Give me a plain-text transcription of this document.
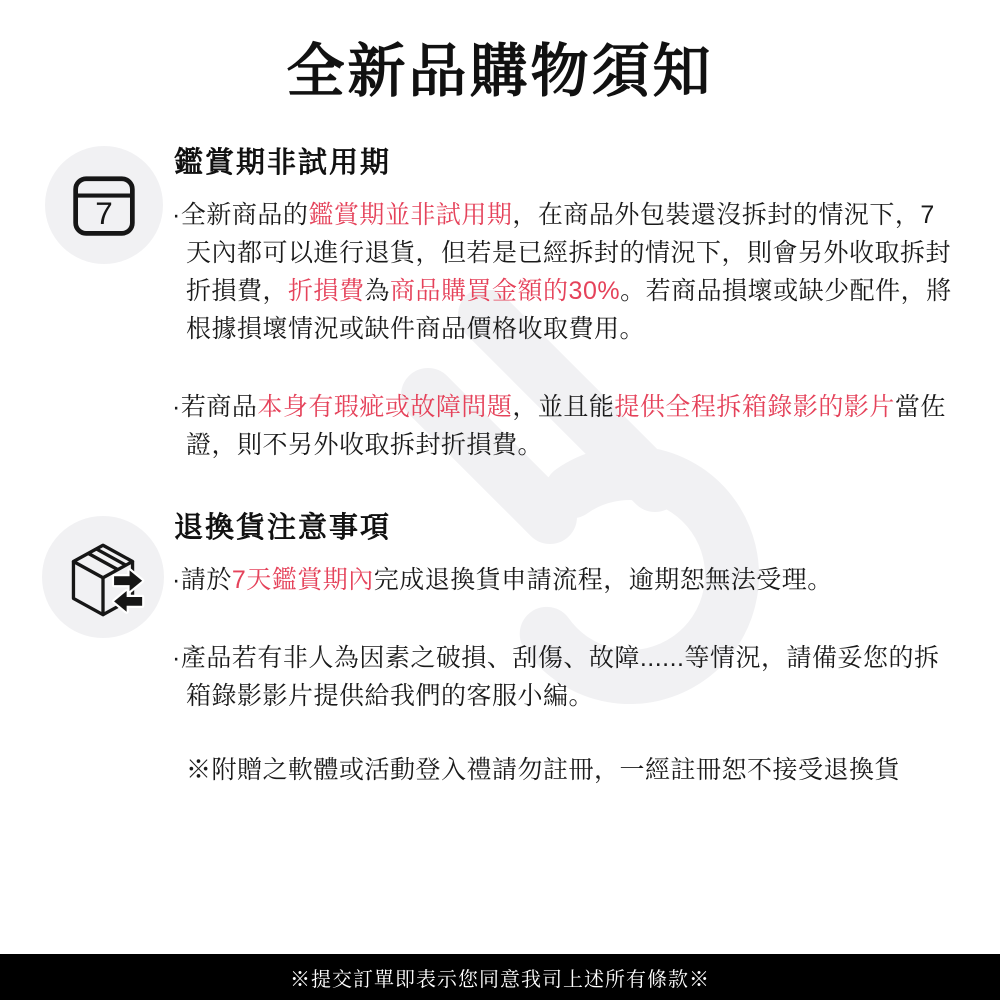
全新品購物須知
7
鑑賞期非試用期
·全新商品的鑑賞期並非試用期，在商品外包裝還沒拆封的情況下，7天內都可以進行退貨，但若是已經拆封的情況下，則會另外收取拆封折損費，折損費為商品購買金額的30%。若商品損壞或缺少配件，將根據損壞情況或缺件商品價格收取費用。
·若商品本身有瑕疵或故障問題，並且能提供全程拆箱錄影的影片當佐證，則不另外收取拆封折損費。
退換貨注意事項
·請於7天鑑賞期內完成退換貨申請流程，逾期恕無法受理。
·產品若有非人為因素之破損、刮傷、故障......等情況，請備妥您的拆箱錄影影片提供給我們的客服小編。
※附贈之軟體或活動登入禮請勿註冊，一經註冊恕不接受退換貨
※提交訂單即表示您同意我司上述所有條款※
